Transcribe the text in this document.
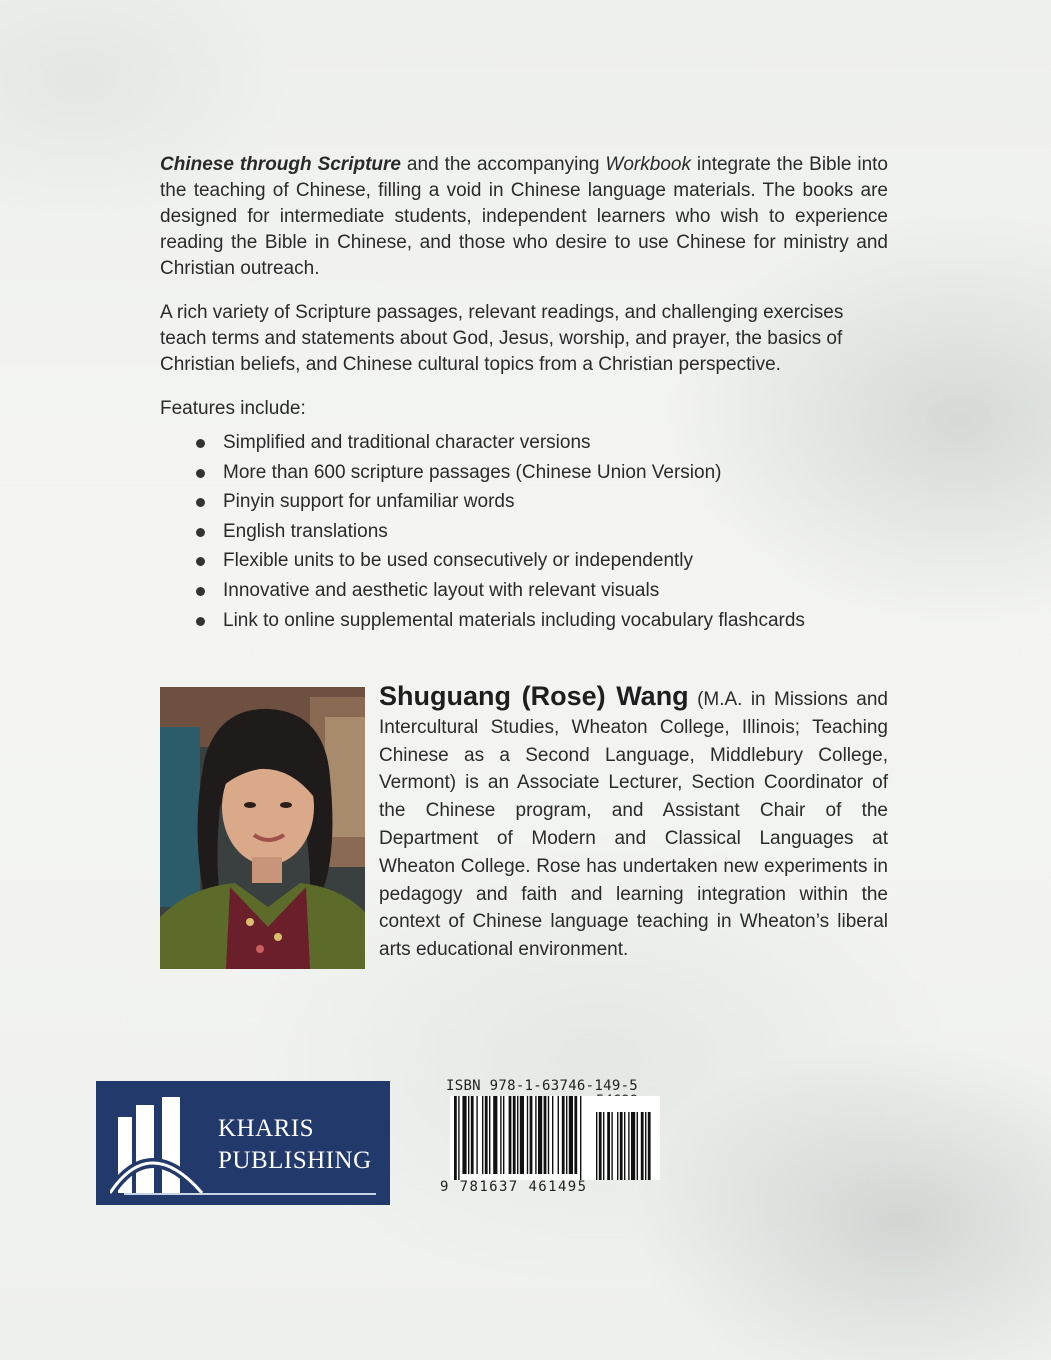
Chinese through Scripture and the accompanying Workbook integrate the Bible into the teaching of Chinese, filling a void in Chinese language materials. The books are designed for intermediate students, independent learners who wish to experience reading the Bible in Chinese, and those who desire to use Chinese for ministry and Christian outreach.
A rich variety of Scripture passages, relevant readings, and challenging exercises teach terms and statements about God, Jesus, worship, and prayer, the basics of Christian beliefs, and Chinese cultural topics from a Christian perspective.
Features include:
Simplified and traditional character versions
More than 600 scripture passages (Chinese Union Version)
Pinyin support for unfamiliar words
English translations
Flexible units to be used consecutively or independently
Innovative and aesthetic layout with relevant visuals
Link to online supplemental materials including vocabulary flashcards
Shuguang (Rose) Wang (M.A. in Missions and Intercultural Studies, Wheaton College, Illinois; Teaching Chinese as a Second Language, Middlebury College, Vermont) is an Associate Lecturer, Section Coordinator of the Chinese program, and Assistant Chair of the Department of Modern and Classical Languages at Wheaton College. Rose has undertaken new experiments in pedagogy and faith and learning integration within the context of Chinese language teaching in Wheaton’s liberal arts educational environment.
KHARIS
PUBLISHING
ISBN 978-1-63746-149-5
9 781637 461495
